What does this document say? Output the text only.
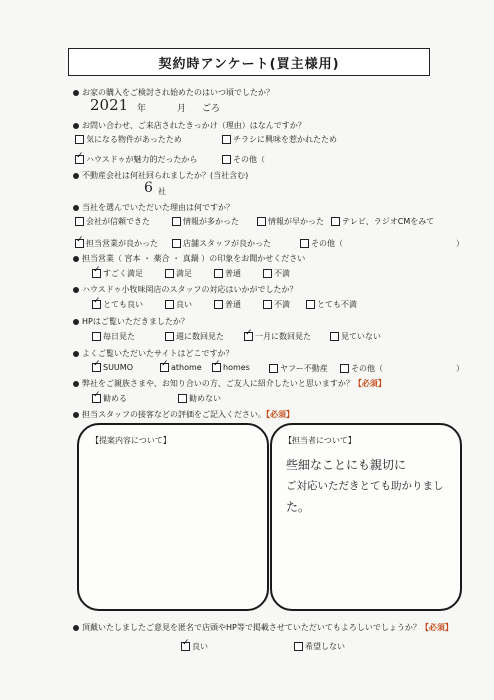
契約時アンケート(買主様用)
お家の購入をご検討され始めたのはいつ頃でしたか？
2021 年	月 ごろ
お問い合わせ、ご来店されたきっかけ（理由）はなんですか？
気になる物件があったため	チラシに興味を惹かれたため
✓ハウスドゥが魅力的だったから	その他（
不動産会社は何社回られましたか？(当社含む)
6 社
当社を選んでいただいた理由は何ですか？
会社が信頼できた	情報が多かった	情報が早かった	テレビ、ラジオCMをみて
✓担当営業が良かった	店舗スタッフが良かった	その他（	）
担当営業（ 宮本 ・ 薬合 ・ 真鍋 ）の印象をお聞かせください
✓すごく満足	満足	普通	不満
ハウスドゥ小牧味岡店のスタッフの対応はいかがでしたか？
✓とても良い	良い	普通	不満	とても不満
HPはご覧いただきましたか？
毎日見た	週に数回見た ✓	一月に数回見た	見ていない
よくご覧いただいたサイトはどこですか？
✓SUUMO ✓	athome ✓	homes	ヤフー不動産	その他（	）
弊社をご親族さまや、お知り合いの方、ご友人に紹介したいと思いますか？【必須】
✓勧める	勧めない
担当スタッフの接客などの評価をご記入ください。【必須】
【提案内容について】	【担当者について】
些細なことにも親切に
ご対応いただきとても助かりまし
た。
頂戴いたしましたご意見を匿名で店頭やHP等で掲載させていただいてもよろしいでしょうか？【必須】
✓良い	希望しない
